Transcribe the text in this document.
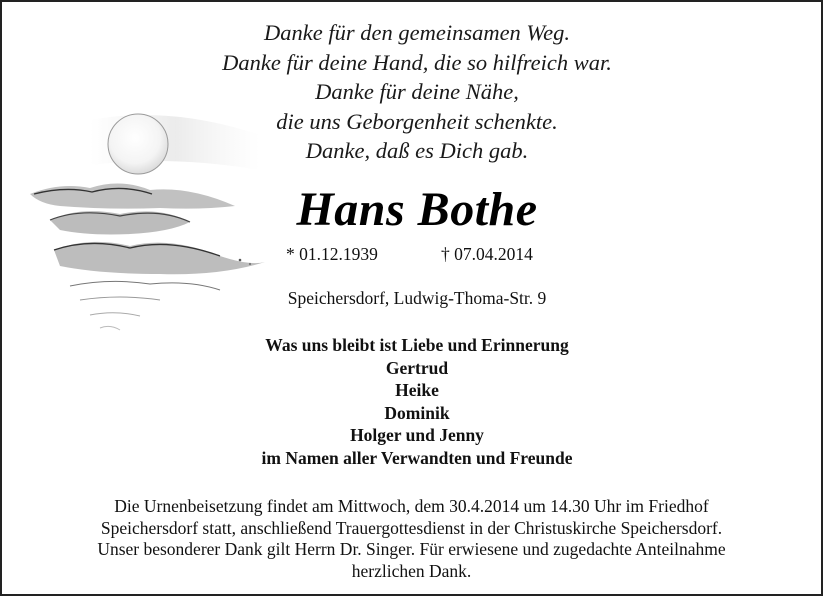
Danke für den gemeinsamen Weg.
Danke für deine Hand, die so hilfreich war.
Danke für deine Nähe,
die uns Geborgenheit schenkte.
Danke, daß es Dich gab.
Hans Bothe
* 01.12.1939	† 07.04.2014
Speichersdorf, Ludwig-Thoma-Str. 9
Was uns bleibt ist Liebe und Erinnerung
Gertrud
Heike
Dominik
Holger und Jenny
im Namen aller Verwandten und Freunde
Die Urnenbeisetzung findet am Mittwoch, dem 30.4.2014 um 14.30 Uhr im Friedhof
Speichersdorf statt, anschließend Trauergottesdienst in der Christuskirche Speichersdorf.
Unser besonderer Dank gilt Herrn Dr. Singer. Für erwiesene und zugedachte Anteilnahme
herzlichen Dank.
